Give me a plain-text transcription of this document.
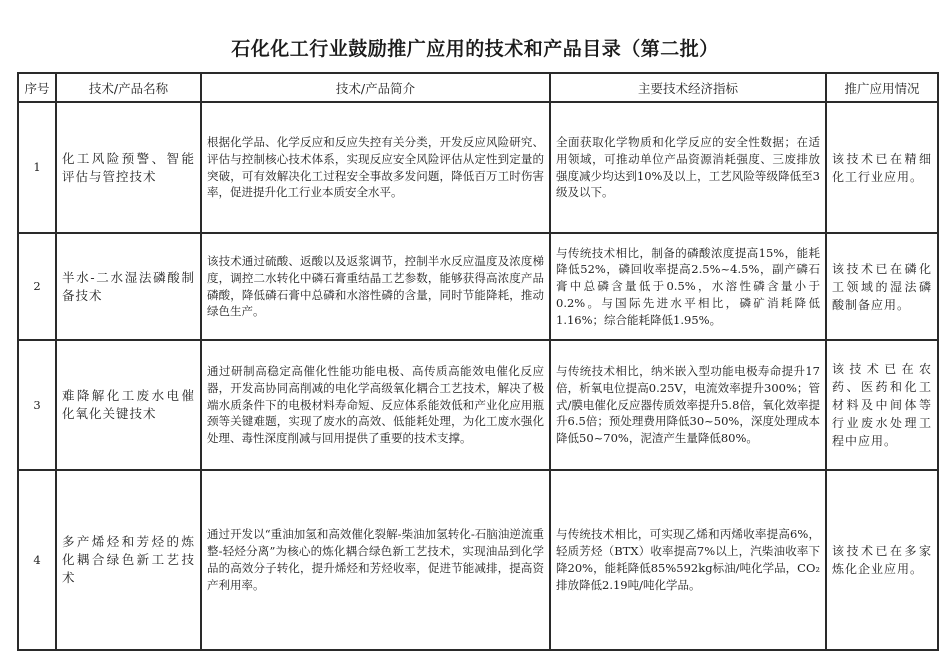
石化化工行业鼓励推广应用的技术和产品目录（第二批）
序号	技术/产品名称	技术/产品简介	主要技术经济指标	推广应用情况
1	化工风险预警、智能评估与管控技术	根据化学品、化学反应和反应失控有关分类，开发反应风险研究、评估与控制核心技术体系，实现反应安全风险评估从定性到定量的突破，可有效解决化工过程安全事故多发问题，降低百万工时伤害率，促进提升化工行业本质安全水平。	全面获取化学物质和化学反应的安全性数据；在适用领域，可推动单位产品资源消耗强度、三废排放强度减少均达到10%及以上，工艺风险等级降低至3级及以下。	该技术已在精细化工行业应用。
2	半水-二水湿法磷酸制备技术	该技术通过硫酸、返酸以及返浆调节，控制半水反应温度及浓度梯度，调控二水转化中磷石膏重结晶工艺参数，能够获得高浓度产品磷酸，降低磷石膏中总磷和水溶性磷的含量，同时节能降耗，推动绿色生产。	与传统技术相比，制备的磷酸浓度提高15%，能耗降低52%，磷回收率提高2.5%~4.5%，副产磷石膏中总磷含量低于0.5%，水溶性磷含量小于0.2%。与国际先进水平相比，磷矿消耗降低1.16%；综合能耗降低1.95%。	该技术已在磷化工领域的湿法磷酸制备应用。
3	难降解化工废水电催化氧化关键技术	通过研制高稳定高催化性能功能电极、高传质高能效电催化反应器，开发高协同高削减的电化学高级氧化耦合工艺技术，解决了极端水质条件下的电极材料寿命短、反应体系能效低和产业化应用瓶颈等关键难题，实现了废水的高效、低能耗处理，为化工废水强化处理、毒性深度削减与回用提供了重要的技术支撑。	与传统技术相比，纳米嵌入型功能电极寿命提升17倍，析氧电位提高0.25V，电流效率提升300%；管式/膜电催化反应器传质效率提升5.8倍，氧化效率提升6.5倍；预处理费用降低30~50%，深度处理成本降低50~70%，泥渣产生量降低80%。	该技术已在农药、医药和化工材料及中间体等行业废水处理工程中应用。
4	多产烯烃和芳烃的炼化耦合绿色新工艺技术	通过开发以“重油加氢和高效催化裂解-柴油加氢转化-石脑油逆流重整-轻烃分离”为核心的炼化耦合绿色新工艺技术，实现油品到化学品的高效分子转化，提升烯烃和芳烃收率，促进节能减排，提高资产利用率。	与传统技术相比，可实现乙烯和丙烯收率提高6%，轻质芳烃（BTX）收率提高7%以上，汽柴油收率下降20%，能耗降低85%592kg标油/吨化学品，CO₂排放降低2.19吨/吨化学品。	该技术已在多家炼化企业应用。
